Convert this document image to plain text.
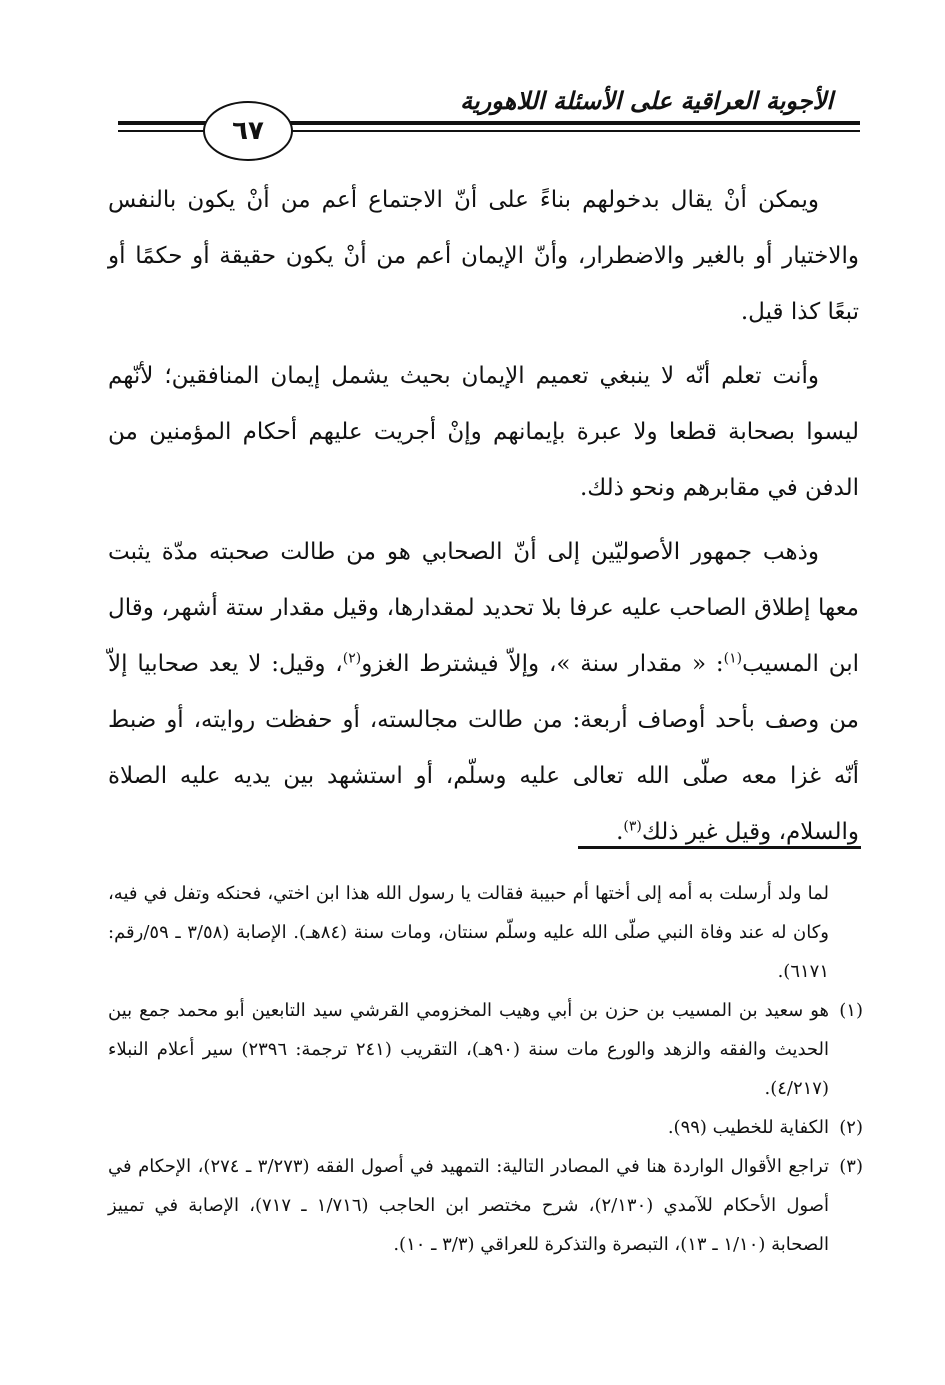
الأجوبة العراقية على الأسئلة اللاهورية
٦٧

ويمكن أنْ يقال بدخولهم بناءً على أنّ الاجتماع أعم من أنْ يكون بالنفس والاختيار أو بالغير والاضطرار، وأنّ الإيمان أعم من أنْ يكون حقيقة أو حكمًا أو تبعًا كذا قيل.

وأنت تعلم أنّه لا ينبغي تعميم الإيمان بحيث يشمل إيمان المنافقين؛ لأنّهم ليسوا بصحابة قطعا ولا عبرة بإيمانهم وإنْ أجريت عليهم أحكام المؤمنين من الدفن في مقابرهم ونحو ذلك.

وذهب جمهور الأصوليّين إلى أنّ الصحابي هو من طالت صحبته مدّة يثبت معها إطلاق الصاحب عليه عرفا بلا تحديد لمقدارها، وقيل مقدار ستة أشهر، وقال ابن المسيب$^{(١)}$: « مقدار سنة »، وإلاّ فيشترط الغزو$^{(٢)}$، وقيل: لا يعد صحابيا إلاّ من وصف بأحد أوصاف أربعة: من طالت مجالسته، أو حفظت روايته، أو ضبط أنّه غزا معه صلّى الله تعالى عليه وسلّم، أو استشهد بين يديه عليه الصلاة والسلام، وقيل غير ذلك$^{(٣)}$.

لما ولد أرسلت به أمه إلى أختها أم حبيبة فقالت يا رسول الله هذا ابن اختي، فحنكه وتفل في فيه، وكان له عند وفاة النبي صلّى الله عليه وسلّم سنتان، ومات سنة (٨٤هـ). الإصابة (٣/٥٨ ـ ٥٩/رقم: ٦١٧١).

(١)
هو سعيد بن المسيب بن حزن بن أبي وهيب المخزومي القرشي سيد التابعين أبو محمد جمع بين الحديث والفقه والزهد والورع مات سنة (٩٠هـ)، التقريب (٢٤١ ترجمة: ٢٣٩٦) سير أعلام النبلاء (٤/٢١٧).
(٢)
الكفاية للخطيب (٩٩).
(٣)
تراجع الأقوال الواردة هنا في المصادر التالية: التمهيد في أصول الفقه (٣/٢٧٣ ـ ٢٧٤)، الإحكام في أصول الأحكام للآمدي (٢/١٣٠)، شرح مختصر ابن الحاجب (١/٧١٦ ـ ٧١٧)، الإصابة في تمييز الصحابة (١/١٠ ـ ١٣)، التبصرة والتذكرة للعراقي (٣/٣ ـ ١٠).
